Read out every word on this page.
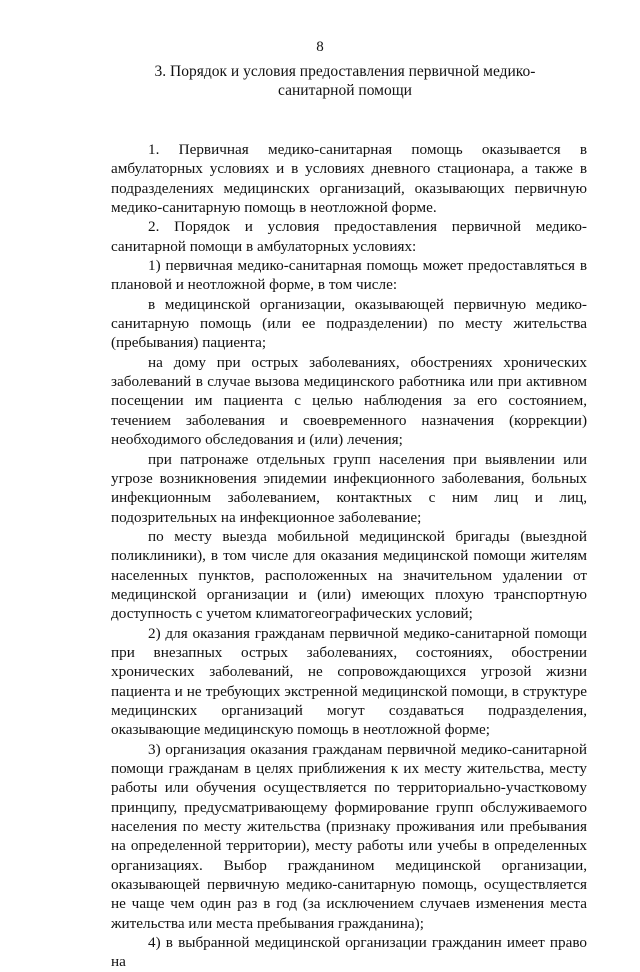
8
3. Порядок и условия предоставления первичной медико-санитарной помощи

1. Первичная медико-санитарная помощь оказывается в амбулаторных условиях и в условиях дневного стационара, а также в подразделениях медицинских организаций, оказывающих первичную медико-санитарную помощь в неотложной форме.

2. Порядок и условия предоставления первичной медико-санитарной помощи в амбулаторных условиях:

1) первичная медико-санитарная помощь может предоставляться в плановой и неотложной форме, в том числе:

в медицинской организации, оказывающей первичную медико-санитарную помощь (или ее подразделении) по месту жительства (пребывания) пациента;

на дому при острых заболеваниях, обострениях хронических заболеваний в случае вызова медицинского работника или при активном посещении им пациента с целью наблюдения за его состоянием, течением заболевания и своевременного назначения (коррекции) необходимого обследования и (или) лечения;

при патронаже отдельных групп населения при выявлении или угрозе возникновения эпидемии инфекционного заболевания, больных инфекционным заболеванием, контактных с ним лиц и лиц, подозрительных на инфекционное заболевание;

по месту выезда мобильной медицинской бригады (выездной поликлиники), в том числе для оказания медицинской помощи жителям населенных пунктов, расположенных на значительном удалении от медицинской организации и (или) имеющих плохую транспортную доступность с учетом климатогеографических условий;

2) для оказания гражданам первичной медико-санитарной помощи при внезапных острых заболеваниях, состояниях, обострении хронических заболеваний, не сопровождающихся угрозой жизни пациента и не требующих экстренной медицинской помощи, в структуре медицинских организаций могут создаваться подразделения, оказывающие медицинскую помощь в неотложной форме;

3) организация оказания гражданам первичной медико-санитарной помощи гражданам в целях приближения к их месту жительства, месту работы или обучения осуществляется по территориально-участковому принципу, предусматривающему формирование групп обслуживаемого населения по месту жительства (признаку проживания или пребывания на определенной территории), месту работы или учебы в определенных организациях. Выбор гражданином медицинской организации, оказывающей первичную медико-санитарную помощь, осуществляется не чаще чем один раз в год (за исключением случаев изменения места жительства или места пребывания гражданина);

4) в выбранной медицинской организации гражданин имеет право на
